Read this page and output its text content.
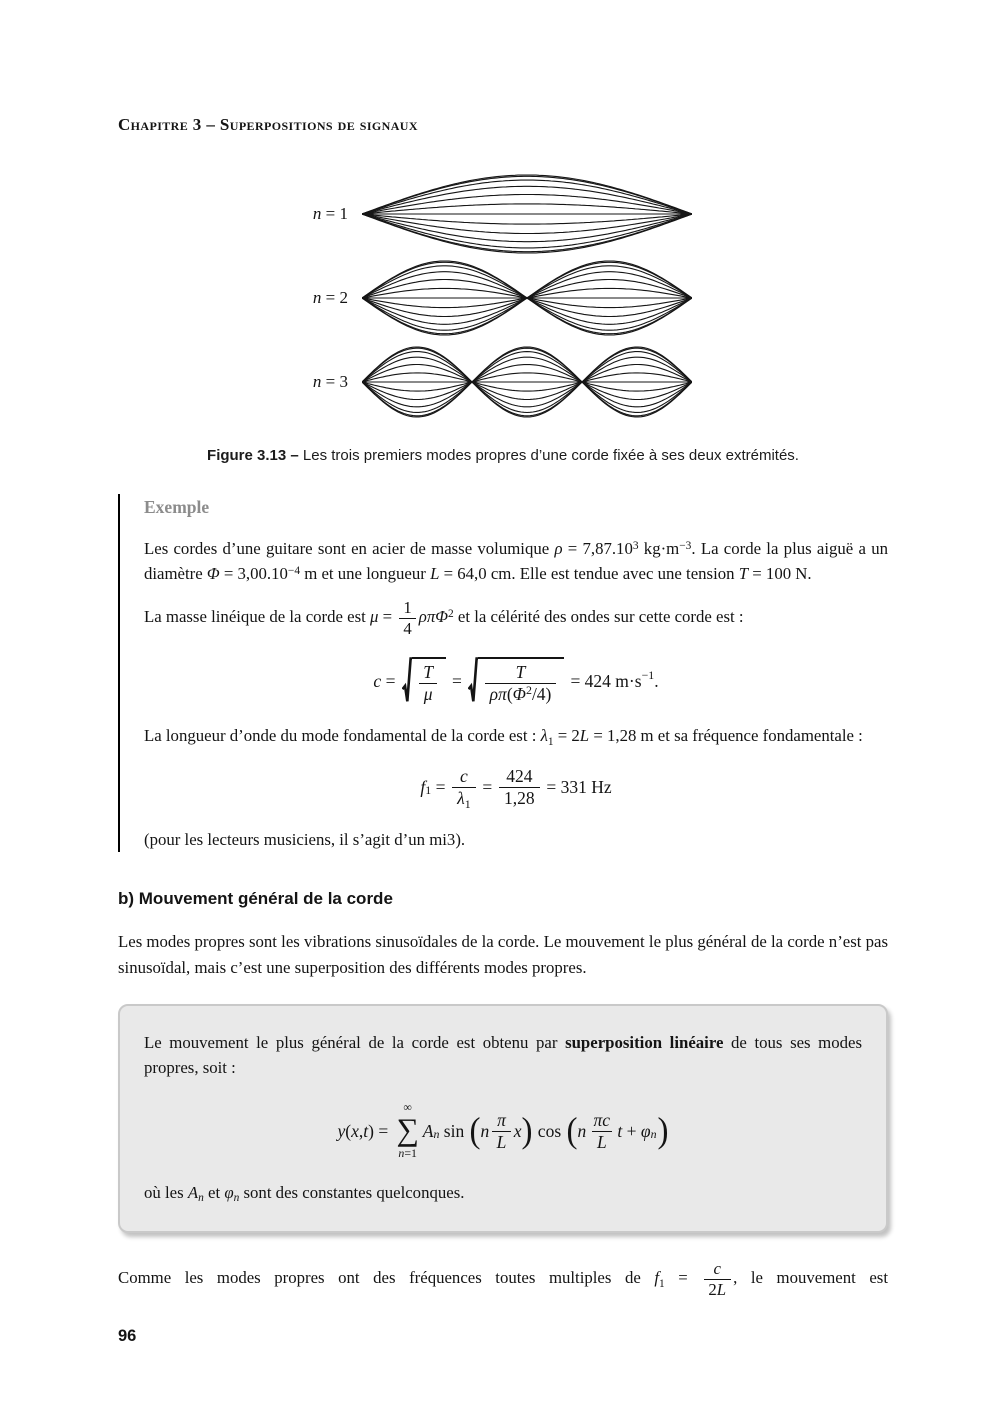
Chapitre 3 – Superpositions de signaux
n = 1
n = 2
n = 3
Figure 3.13 – Les trois premiers modes propres d’une corde fixée à ses deux extrémités.
Exemple

Les cordes d’une guitare sont en acier de masse volumique $\rho = 7,87.10^3$ $kg\cdot m^{-3}$. La corde la plus aiguë a un diamètre $\Phi = 3,00.10^{-4}$ m et une longueur L = 64,0 cm. Elle est tendue avec une tension T = 100 N.

La masse linéique de la corde est $\mu = \frac{1}{4} \rho\pi\Phi^2$ et la célérité des ondes sur cette corde est :

$c = \frac{T}{\mu} = \frac{T}{\rho\pi(\Phi^2/4)} = 424$ m·s −1 .

La longueur d’onde du mode fondamental de la corde est : $\lambda_1 = 2L = 1,28$ m et sa fréquence fondamentale :

f $1 = \frac{c}{\lambda_1} = \frac{424}{1,28} = 331$ Hz

(pour les lecteurs musiciens, il s’agit d’un mi3).

b) Mouvement général de la corde

Les modes propres sont les vibrations sinusoïdales de la corde. Le mouvement le plus général de la corde n’est pas sinusoïdal, mais c’est une superposition des différents modes propres.

Le mouvement le plus général de la corde est obtenu par superposition linéaire de tous ses modes propres, soit :

y ( x , t ) =
∞
∑
n=1
A n sin ( n $\frac{\pi}{L}$ x ) cos ( n $\frac{\pi c}{L}$ t + φ n )

où les $A_n$ et $\varphi_n$ sont des constantes quelconques.

Comme les modes propres ont des fréquences toutes multiples de $f_1 = \frac{c}{2L}$ , le mouvement est

96
